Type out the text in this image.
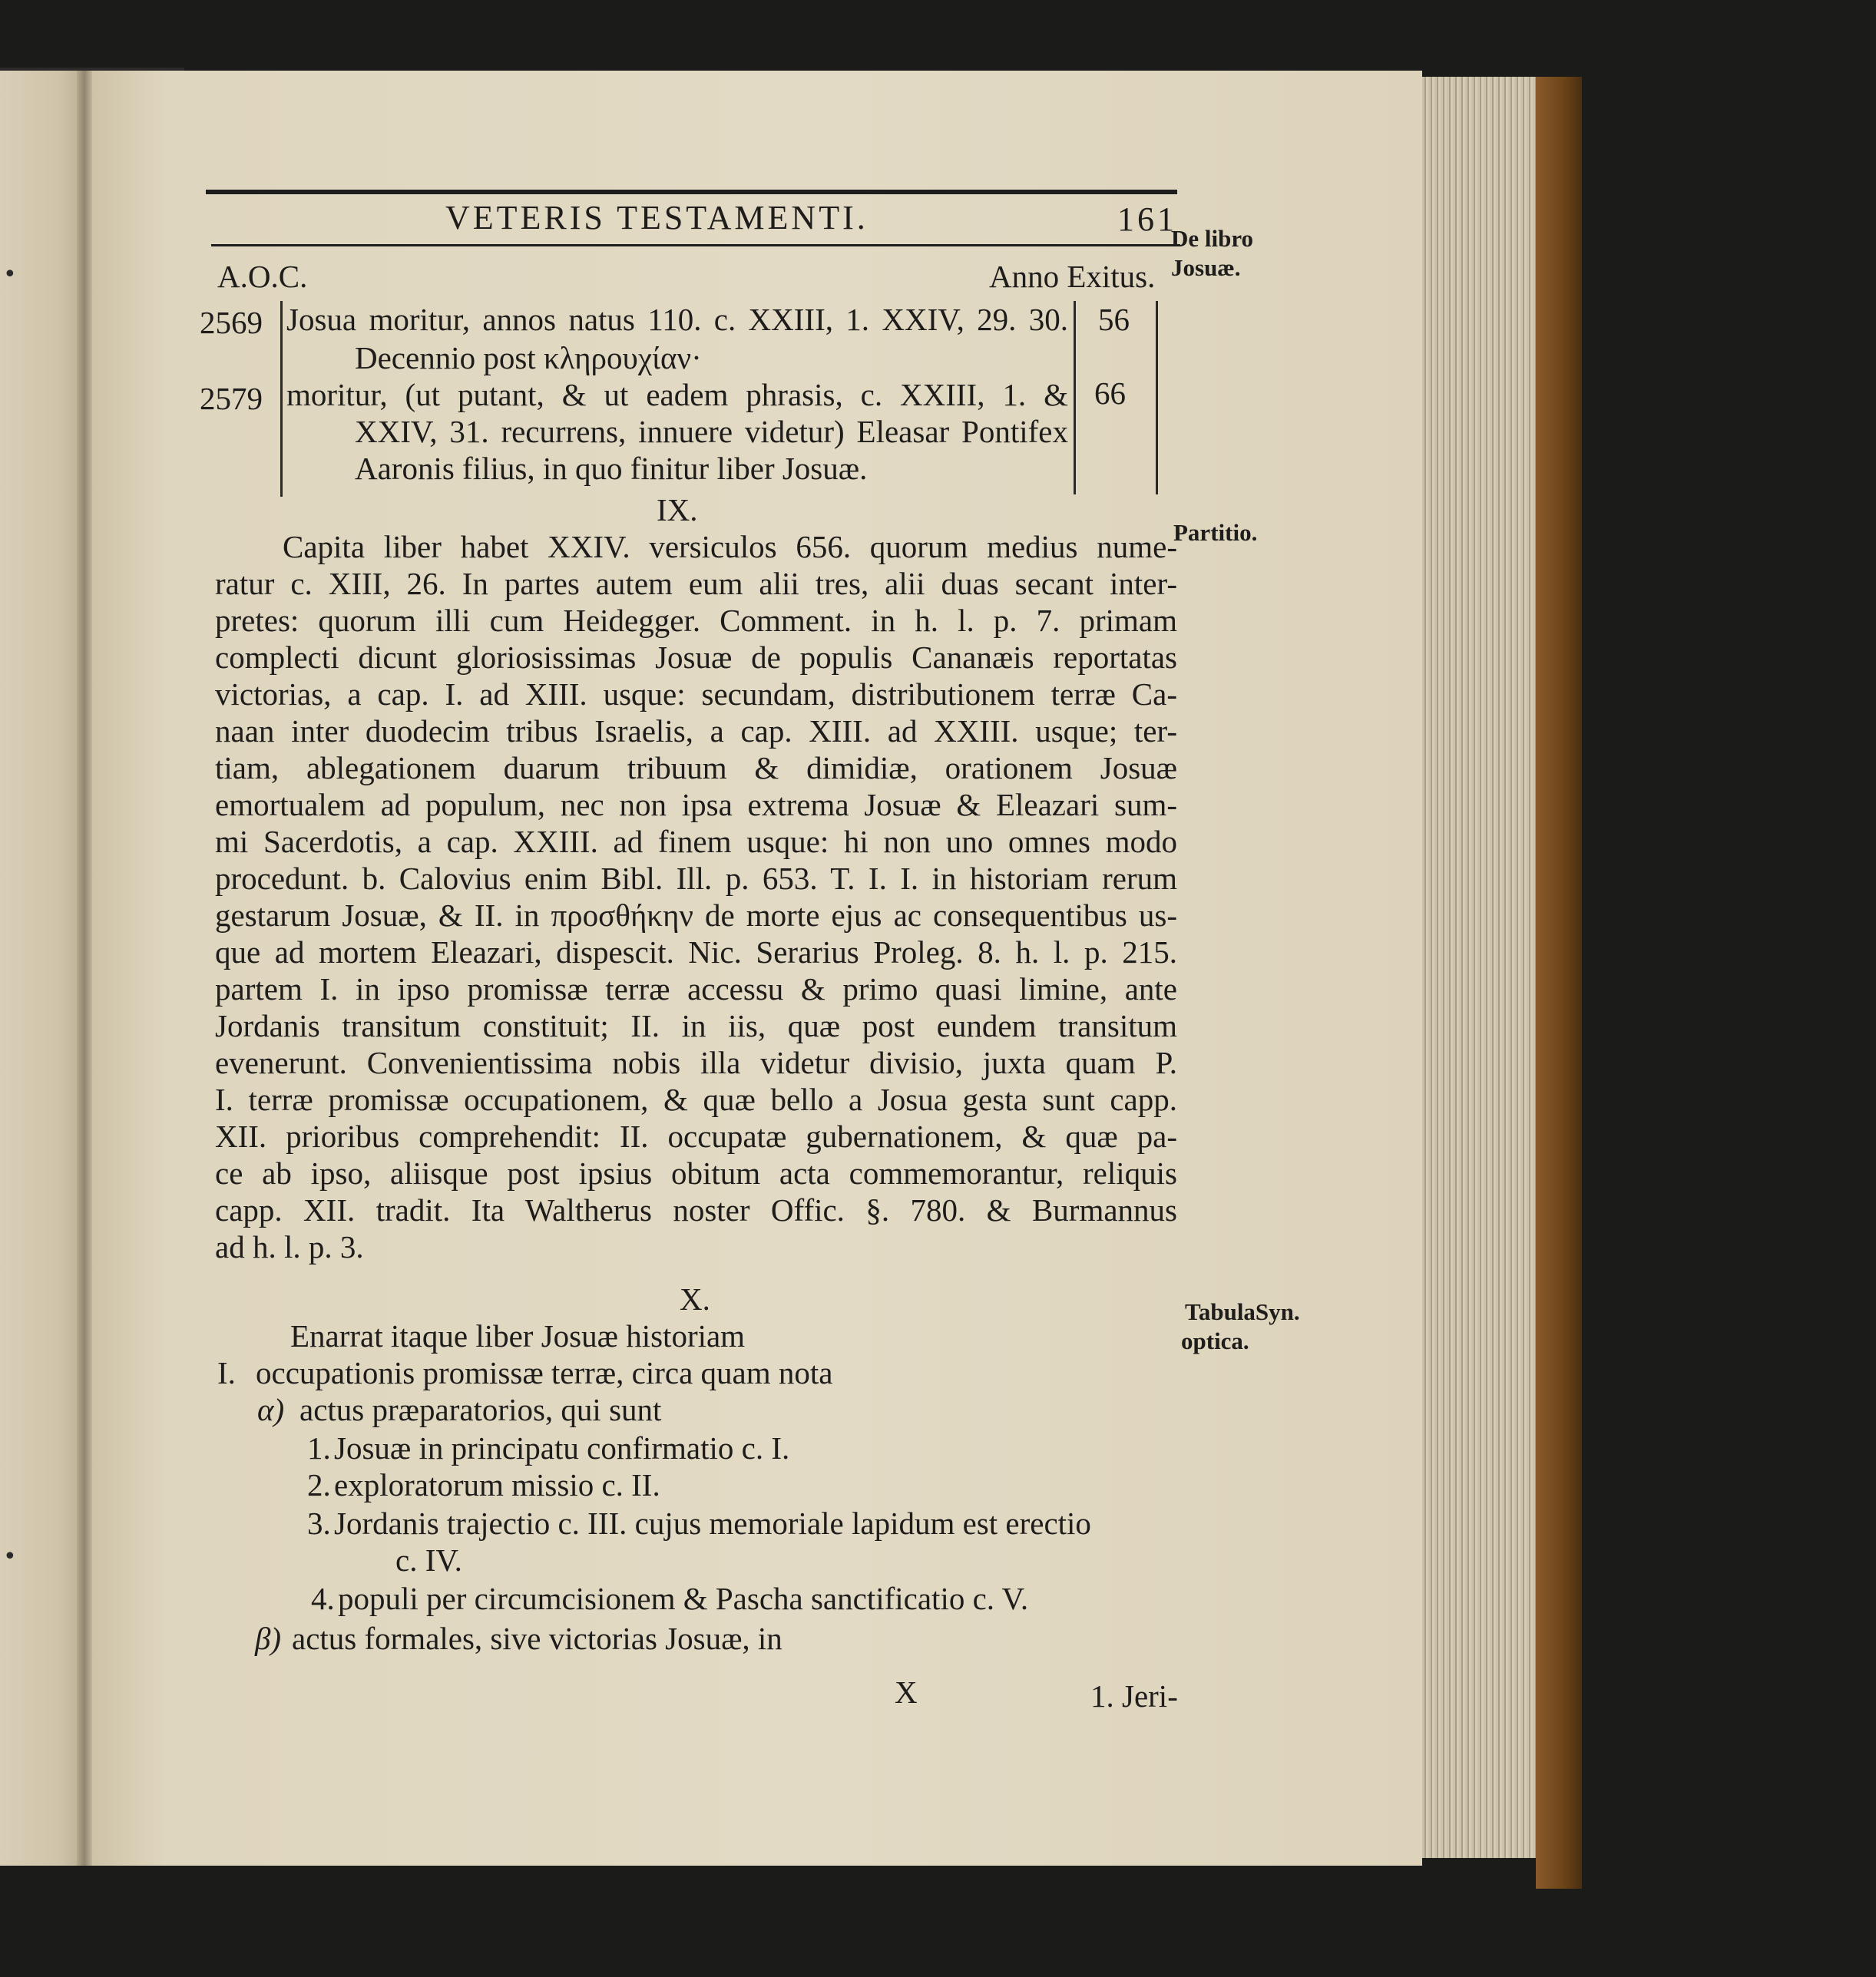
•
•
VETERIS TESTAMENTI.	161
De libro
Josuæ.
Partitio.
TabulaSyn.
optica.
A.O.C.	Anno Exitus.
2569 Josua moritur, annos natus 110. c. XXIII, 1. XXIV, 29. 30.
Decennio post κληρουχίαν·
56
2579 moritur, (ut putant, & ut eadem phrasis, c. XXIII, 1. &
XXIV, 31. recurrens, innuere videtur) Eleasar Pontifex
Aaronis filius, in quo finitur liber Josuæ.
66
IX.
Capita liber habet XXIV. versiculos 656. quorum medius nume-
ratur c. XIII, 26. In partes autem eum alii tres, alii duas secant inter-
pretes: quorum illi cum Heidegger. Comment. in h. l. p. 7. primam
complecti dicunt gloriosissimas Josuæ de populis Cananæis reportatas
victorias, a cap. I. ad XIII. usque: secundam, distributionem terræ Ca-
naan inter duodecim tribus Israelis, a cap. XIII. ad XXIII. usque; ter-
tiam, ablegationem duarum tribuum & dimidiæ, orationem Josuæ
emortualem ad populum, nec non ipsa extrema Josuæ & Eleazari sum-
mi Sacerdotis, a cap. XXIII. ad finem usque: hi non uno omnes modo
procedunt. b. Calovius enim Bibl. Ill. p. 653. T. I. I. in historiam rerum
gestarum Josuæ, & II. in προσθήκην de morte ejus ac consequentibus us-
que ad mortem Eleazari, dispescit. Nic. Serarius Proleg. 8. h. l. p. 215.
partem I. in ipso promissæ terræ accessu & primo quasi limine, ante
Jordanis transitum constituit; II. in iis, quæ post eundem transitum
evenerunt. Convenientissima nobis illa videtur divisio, juxta quam P.
I. terræ promissæ occupationem, & quæ bello a Josua gesta sunt capp.
XII. prioribus comprehendit: II. occupatæ gubernationem, & quæ pa-
ce ab ipso, aliisque post ipsius obitum acta commemorantur, reliquis
capp. XII. tradit. Ita Waltherus noster Offic. §. 780. & Burmannus
ad h. l. p. 3.
X.
Enarrat itaque liber Josuæ historiam
I. occupationis promissæ terræ, circa quam nota
α) actus præparatorios, qui sunt
1. Josuæ in principatu confirmatio c. I.
2. exploratorum missio c. II.
3. Jordanis trajectio c. III. cujus memoriale lapidum est erectio
c. IV.
4. populi per circumcisionem & Pascha sanctificatio c. V.
β) actus formales, sive victorias Josuæ, in
X	1. Jeri-
